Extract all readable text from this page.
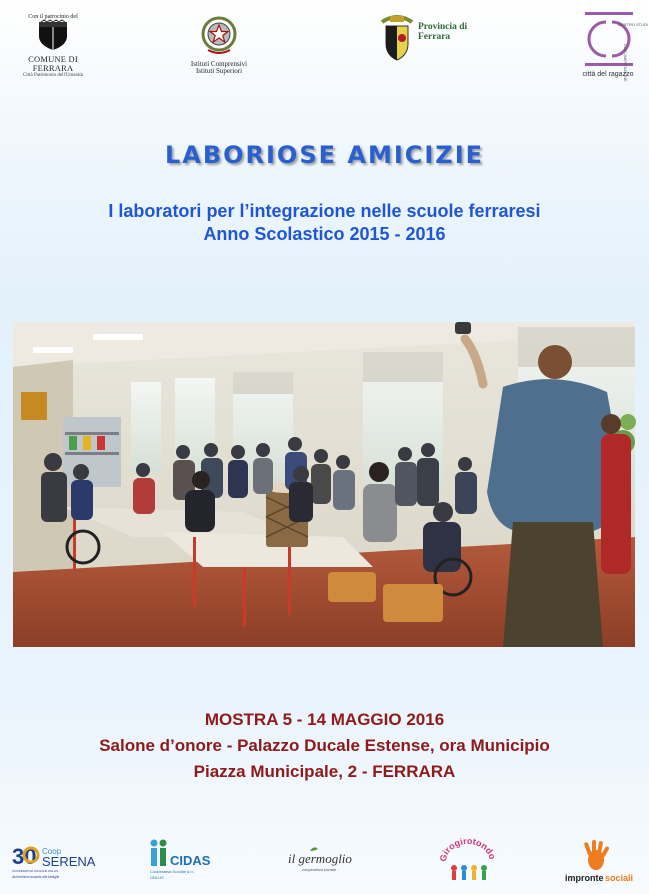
Con il patrocinio del
COMUNE DI FERRARA
Città Patrimonio dell'Umanità
Istituti Comprensivi
Istituti Superiori
Provincia di
Ferrara
CENTRO STUDI
DOCUMENTAZIONE
città del ragazzo
LABORIOSE AMICIZIE
I laboratori per l’integrazione nelle scuole ferraresi
Anno Scolastico 2015 - 2016
MOSTRA 5 - 14 MAGGIO 2016
Salone d’onore - Palazzo Ducale Estense, ora Municipio
Piazza Municipale, 2 - FERRARA
30 Coop
SERENA
COOPERATIVA SOCIALE ONLUS
da trent'anni accanto alle famiglie
CIDAS
Cooperativa Sociale a r.l.
ONLUS
il germoglio
cooperativa sociale
irogirotond
impronte sociali
